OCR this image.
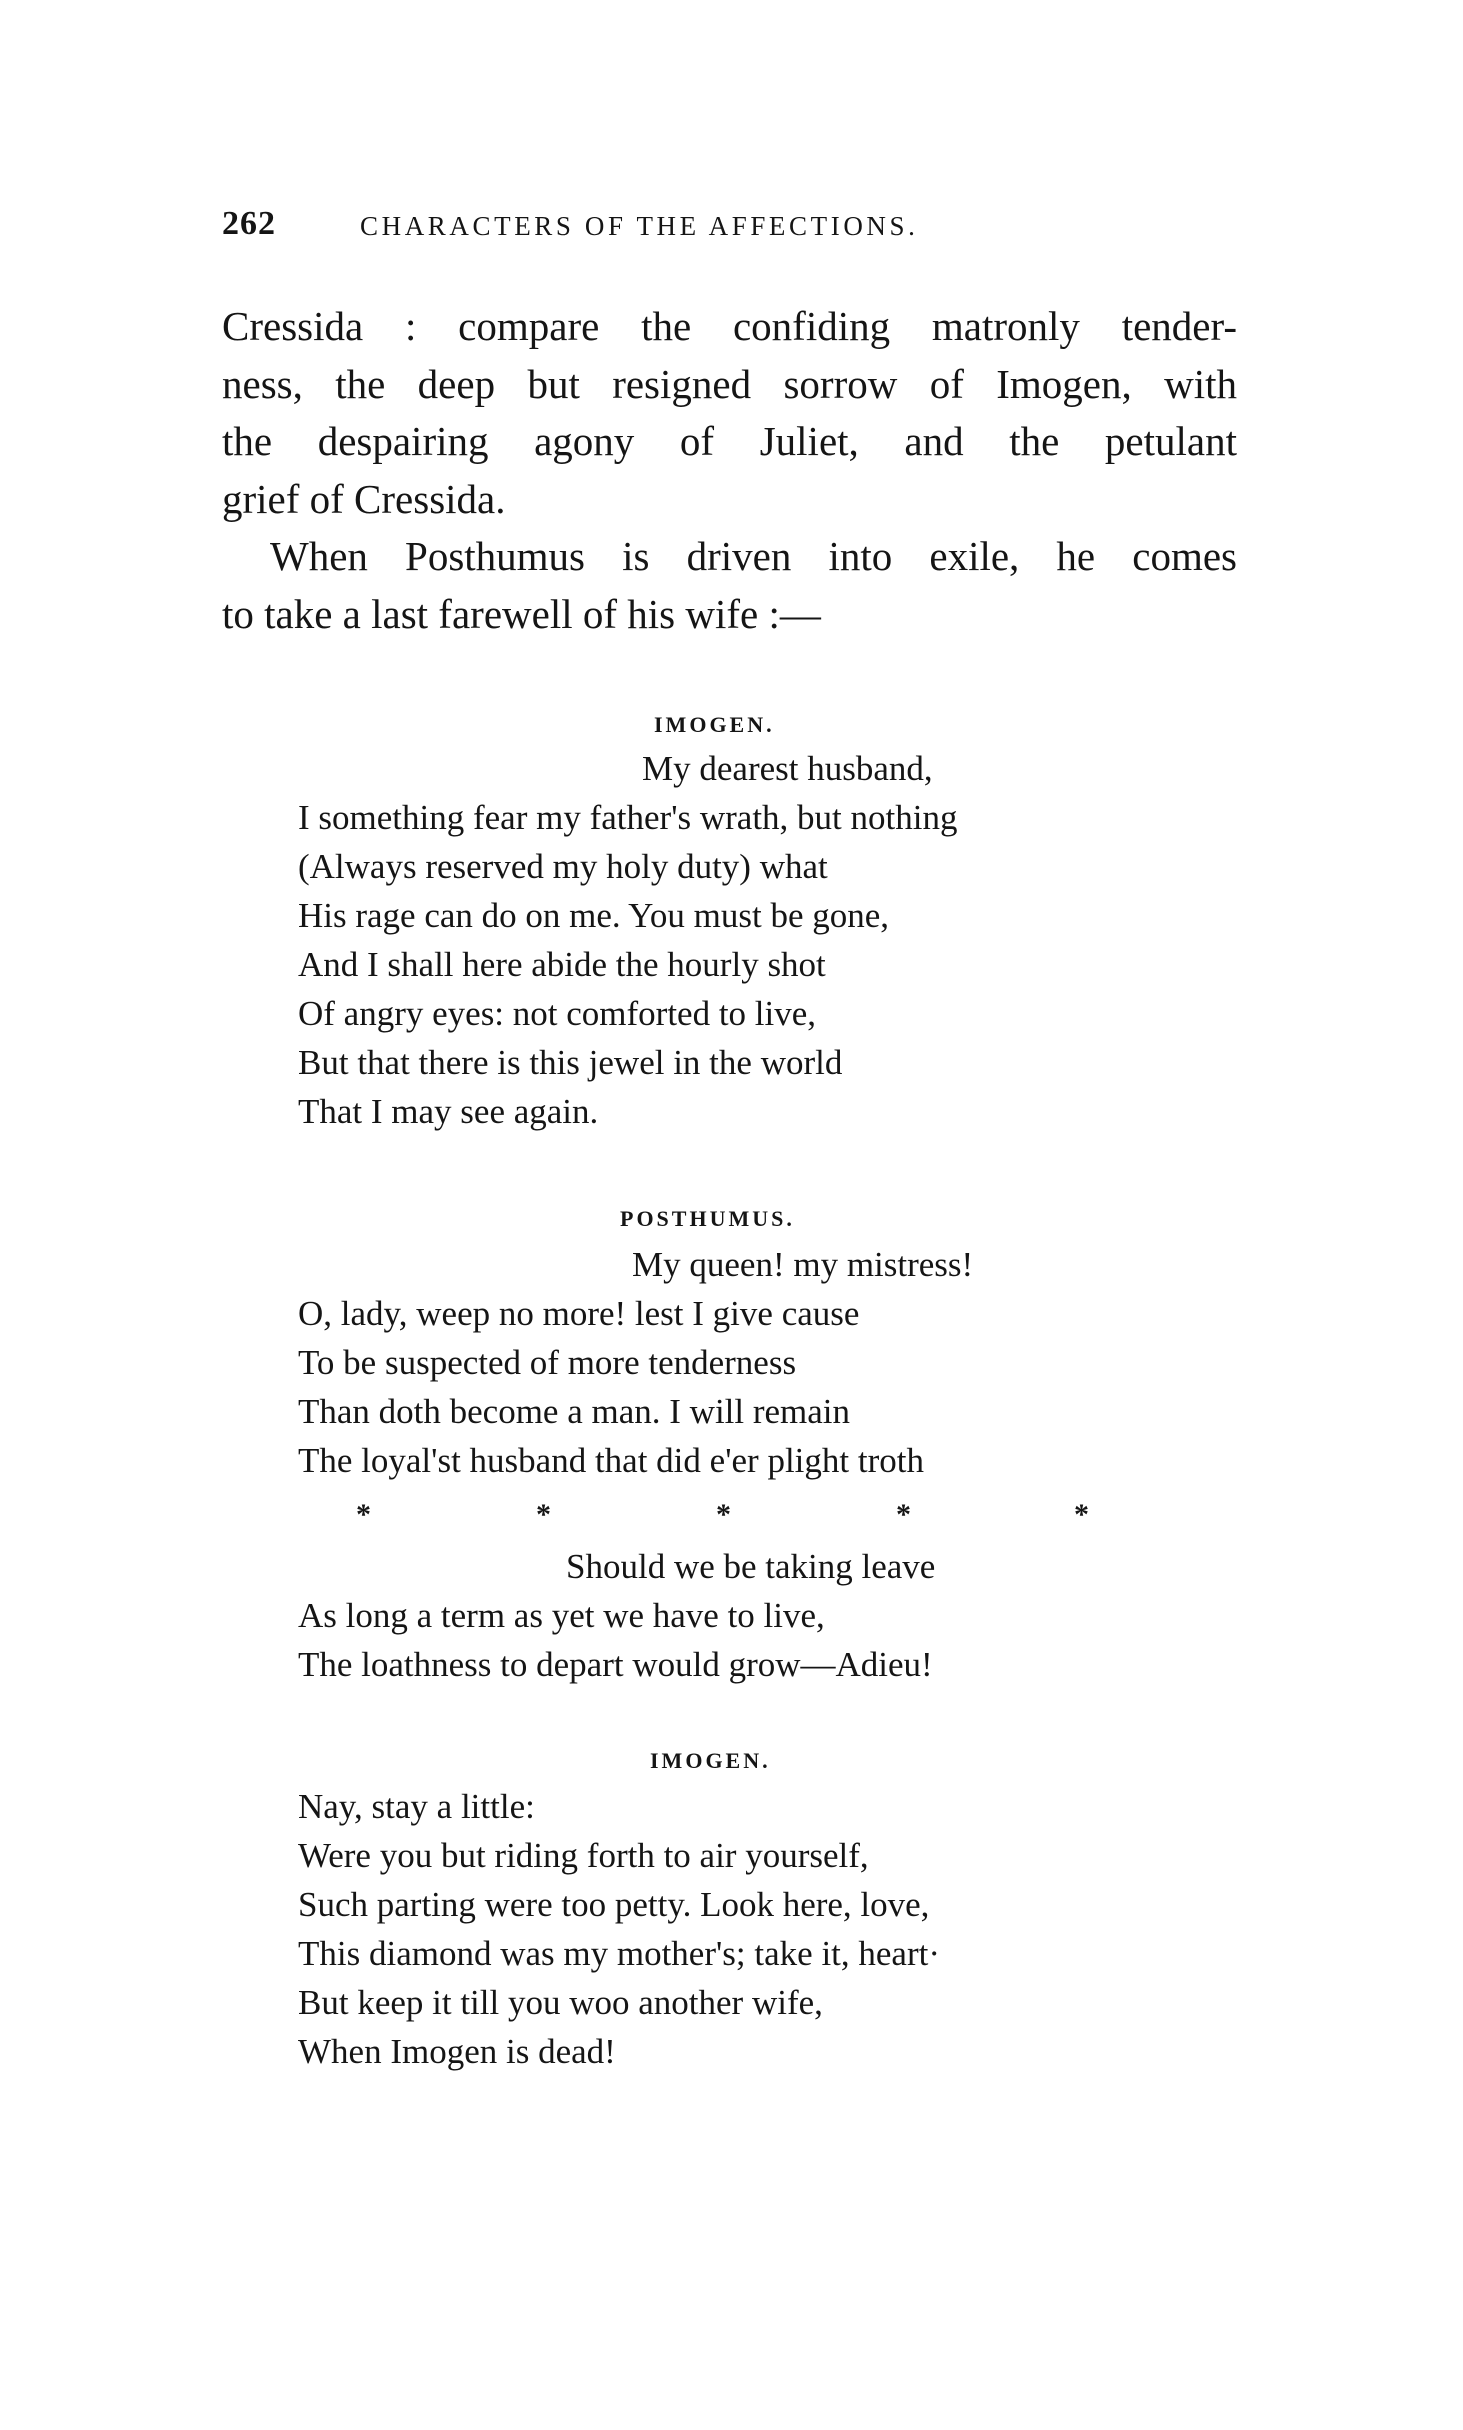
262	CHARACTERS OF THE AFFECTIONS.

Cressida : compare the confiding matronly tender-
ness, the deep but resigned sorrow of Imogen, with
the despairing agony of Juliet, and the petulant
grief of Cressida.

When Posthumus is driven into exile, he comes
to take a last farewell of his wife :—

IMOGEN.
My dearest husband,
I something fear my father's wrath, but nothing
(Always reserved my holy duty) what
His rage can do on me. You must be gone,
And I shall here abide the hourly shot
Of angry eyes: not comforted to live,
But that there is this jewel in the world
That I may see again.
POSTHUMUS.
My queen! my mistress!
O, lady, weep no more! lest I give cause
To be suspected of more tenderness
Than doth become a man. I will remain
The loyal'st husband that did e'er plight troth
*	*	*	*	*
Should we be taking leave
As long a term as yet we have to live,
The loathness to depart would grow—Adieu!
IMOGEN.
Nay, stay a little:
Were you but riding forth to air yourself,
Such parting were too petty. Look here, love,
This diamond was my mother's; take it, heart·
But keep it till you woo another wife,
When Imogen is dead!
